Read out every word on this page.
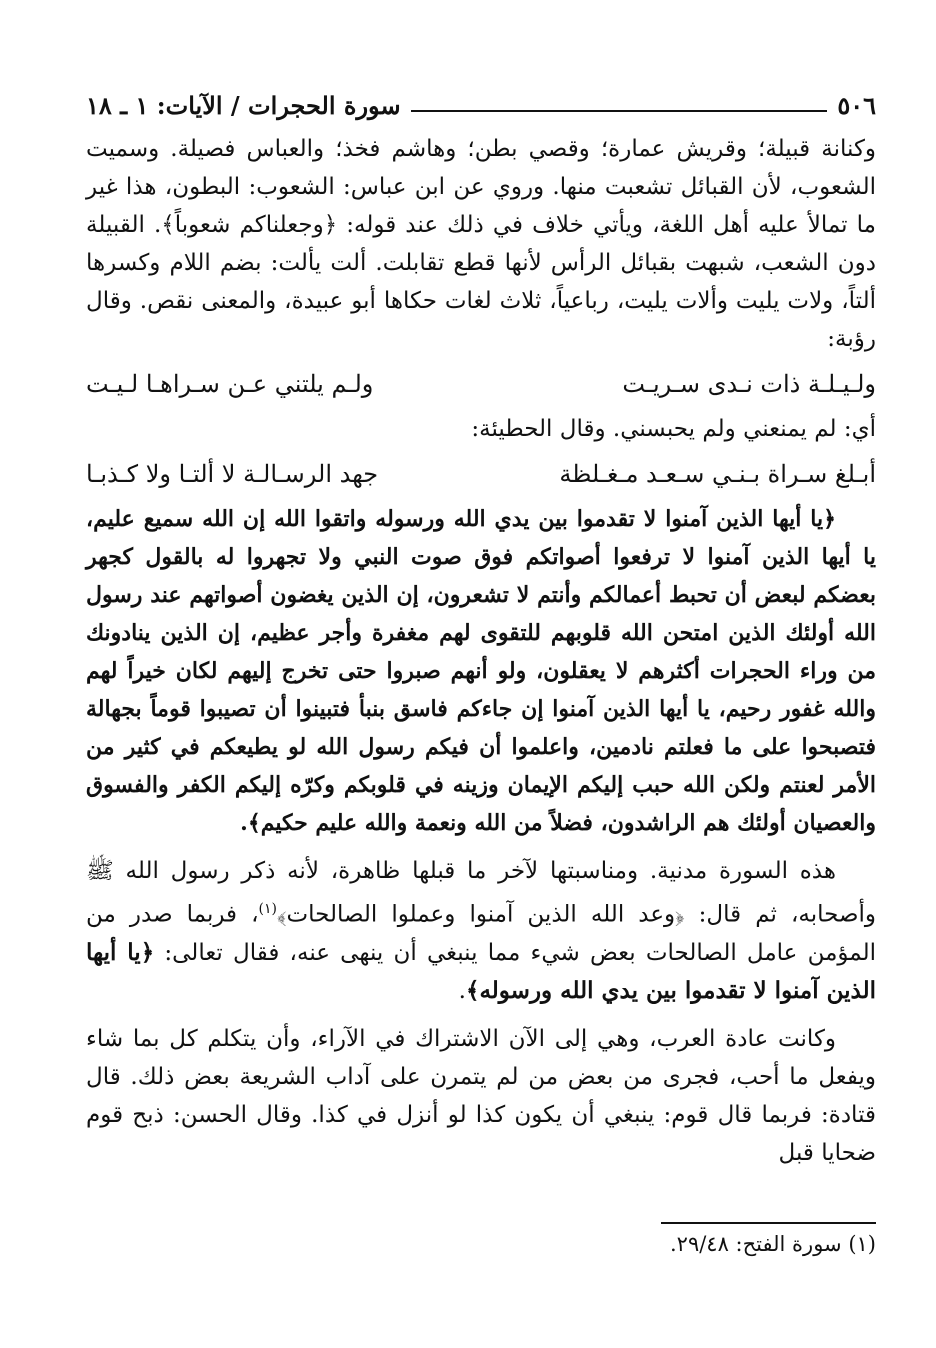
٥٠٦
سورة الحجرات / الآيات: ١ ـ ١٨

وكنانة قبيلة؛ وقريش عمارة؛ وقصي بطن؛ وهاشم فخذ؛ والعباس فصيلة. وسميت الشعوب، لأن القبائل تشعبت منها. وروي عن ابن عباس: الشعوب: البطون، هذا غير ما تمالأ عليه أهل اللغة، ويأتي خلاف في ذلك عند قوله: ﴿وجعلناكم شعوباً﴾. القبيلة دون الشعب، شبهت بقبائل الرأس لأنها قطع تقابلت. ألت يألت: بضم اللام وكسرها ألتاً، ولات يليت وألات يليت، رباعياً، ثلاث لغات حكاها أبو عبيدة، والمعنى نقص. وقال رؤبة:

ولـيـلـة ذات نـدى سـريـت
ولـم يلتني عـن سـراهـا لـيـت

أي: لم يمنعني ولم يحبسني. وقال الحطيئة:

أبـلغ سـراة بـنـي سـعـد مـغـلظة
جهد الرسـالـة لا ألتـا ولا كـذبـا

﴿يا أيها الذين آمنوا لا تقدموا بين يدي الله ورسوله واتقوا الله إن الله سميع عليم، يا أيها الذين آمنوا لا ترفعوا أصواتكم فوق صوت النبي ولا تجهروا له بالقول كجهر بعضكم لبعض أن تحبط أعمالكم وأنتم لا تشعرون، إن الذين يغضون أصواتهم عند رسول الله أولئك الذين امتحن الله قلوبهم للتقوى لهم مغفرة وأجر عظيم، إن الذين ينادونك من وراء الحجرات أكثرهم لا يعقلون، ولو أنهم صبروا حتى تخرج إليهم لكان خيراً لهم والله غفور رحيم، يا أيها الذين آمنوا إن جاءكم فاسق بنبأ فتبينوا أن تصيبوا قوماً بجهالة فتصبحوا على ما فعلتم نادمين، واعلموا أن فيكم رسول الله لو يطيعكم في كثير من الأمر لعنتم ولكن الله حبب إليكم الإيمان وزينه في قلوبكم وكرّه إليكم الكفر والفسوق والعصيان أولئك هم الراشدون، فضلاً من الله ونعمة والله عليم حكيم﴾.

هذه السورة مدنية. ومناسبتها لآخر ما قبلها ظاهرة، لأنه ذكر رسول الله ﷺ وأصحابه، ثم قال: ﴿وعد الله الذين آمنوا وعملوا الصالحات﴾$^{(١)}$، فربما صدر من المؤمن عامل الصالحات بعض شيء مما ينبغي أن ينهى عنه، فقال تعالى: ﴿يا أيها الذين آمنوا لا تقدموا بين يدي الله ورسوله﴾.

وكانت عادة العرب، وهي إلى الآن الاشتراك في الآراء، وأن يتكلم كل بما شاء ويفعل ما أحب، فجرى من بعض من لم يتمرن على آداب الشريعة بعض ذلك. قال قتادة: فربما قال قوم: ينبغي أن يكون كذا لو أنزل في كذا. وقال الحسن: ذبح قوم ضحايا قبل

(١) سورة الفتح: ٢٩/٤٨.
